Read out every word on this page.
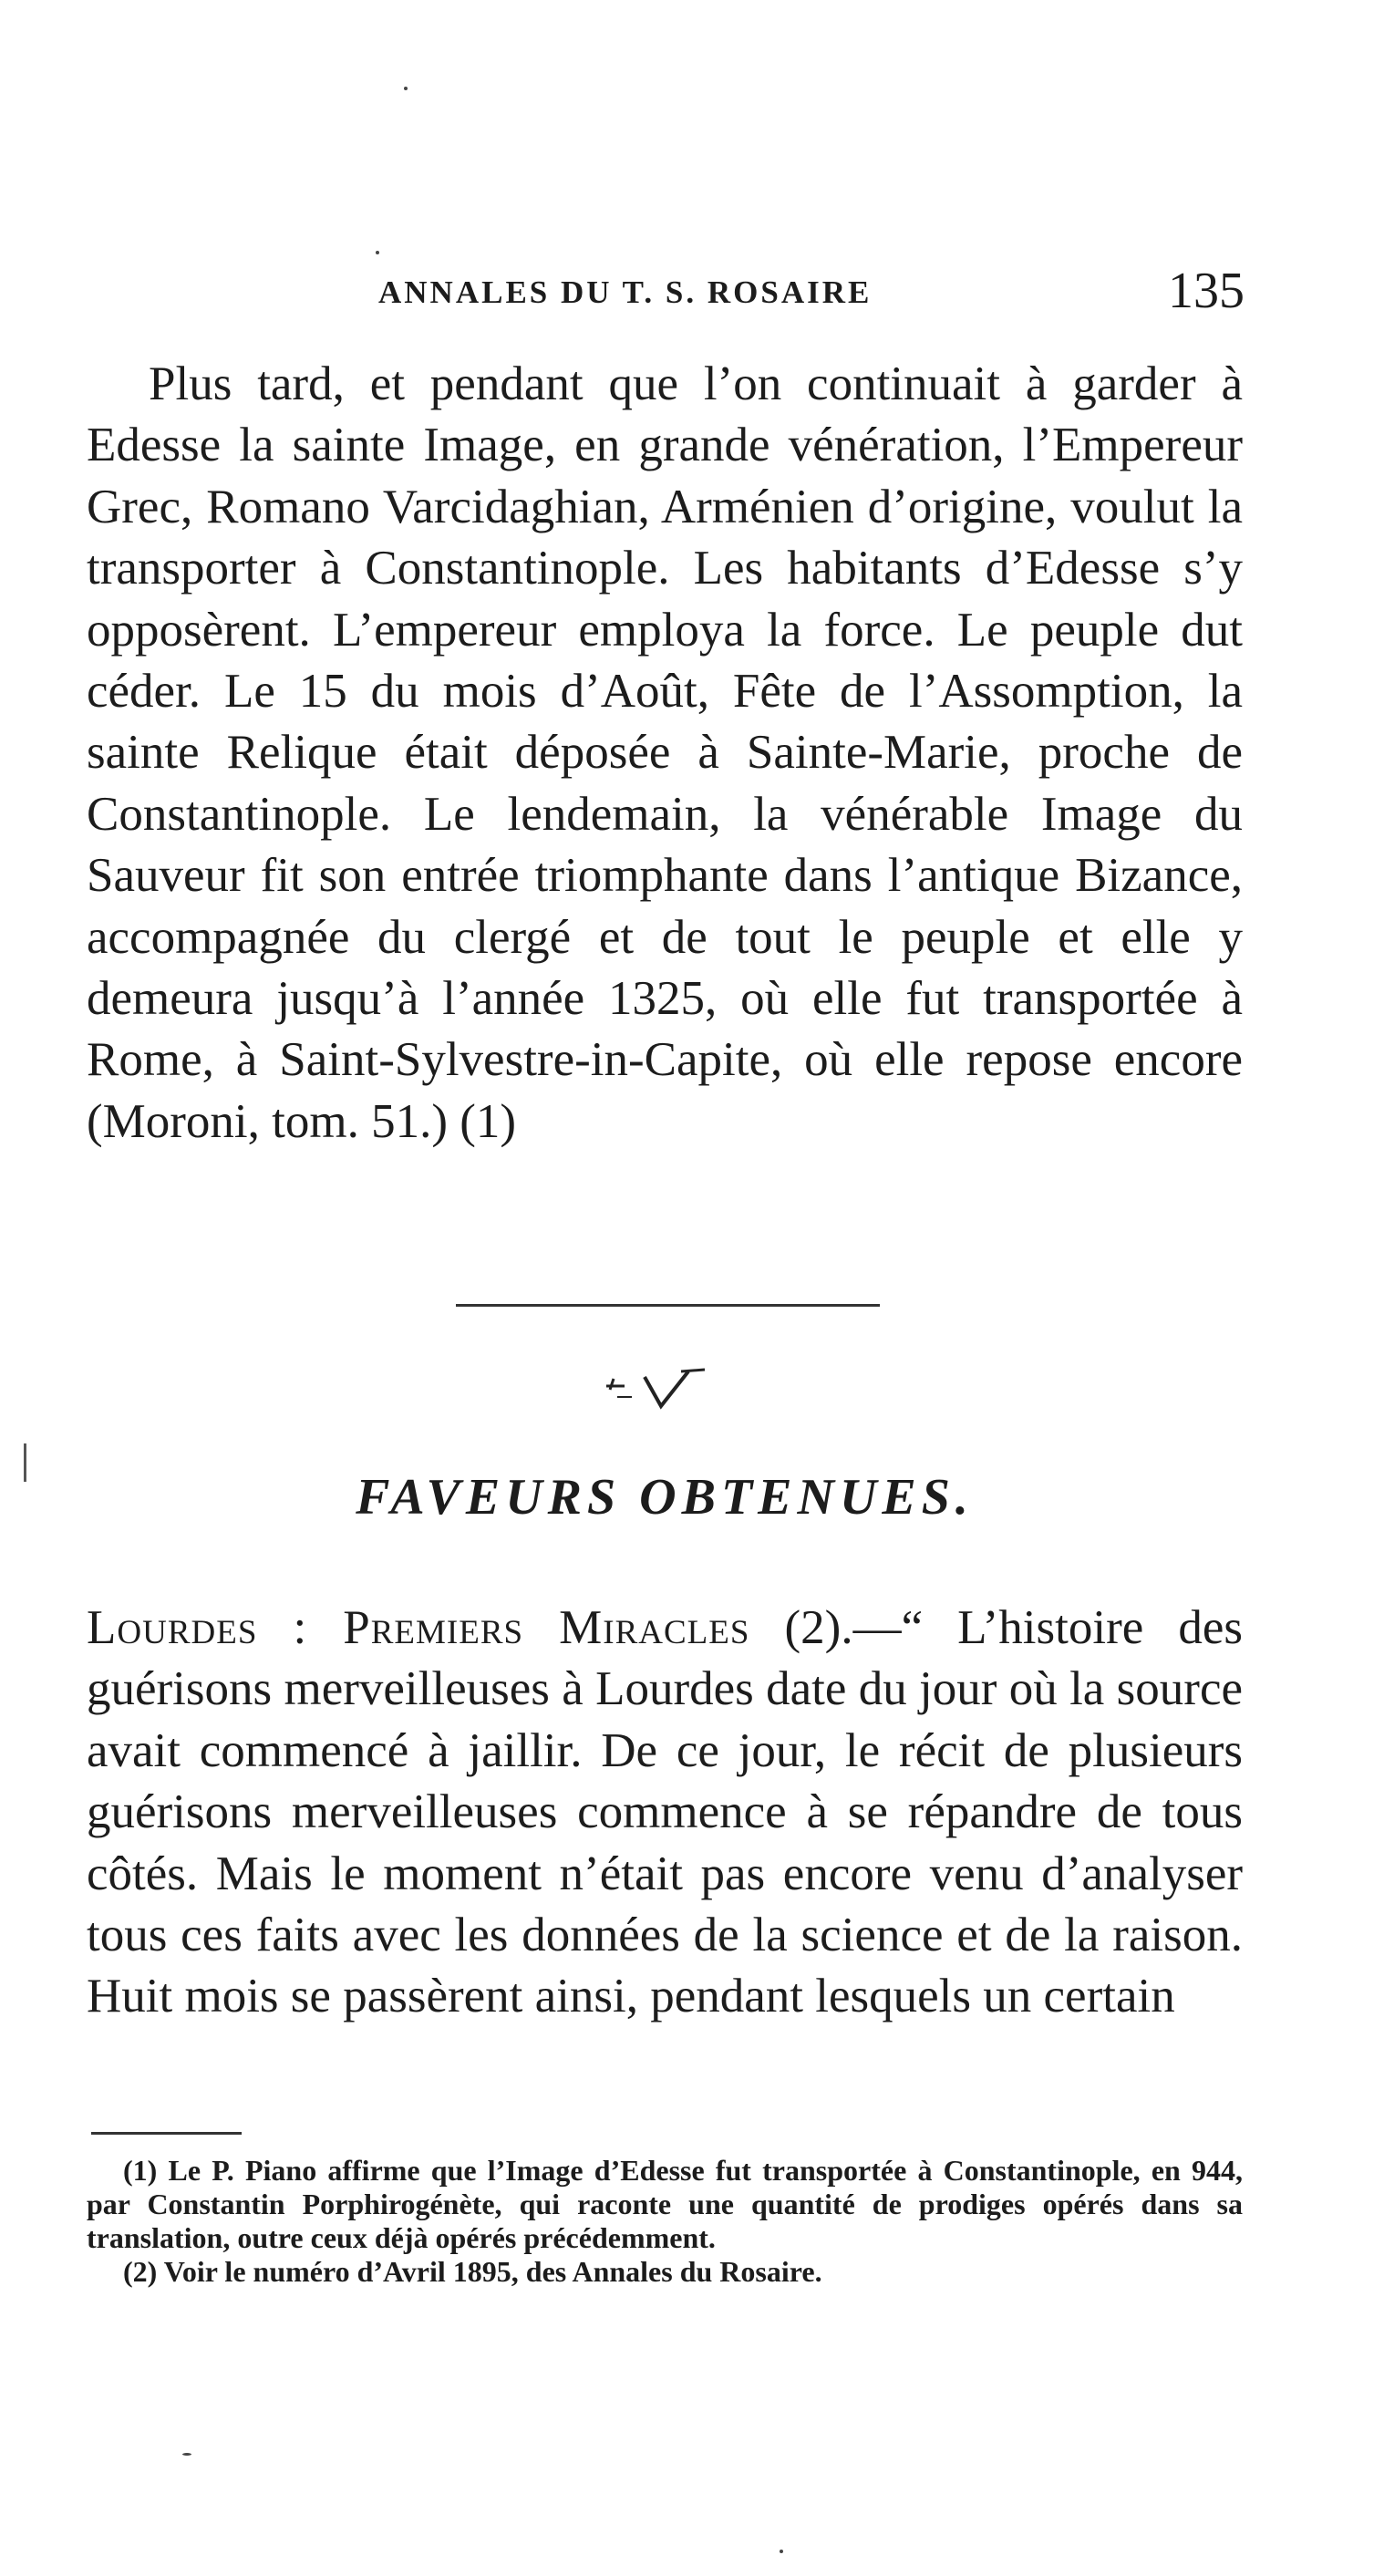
ANNALES DU T. S. ROSAIRE	135

Plus tard, et pendant que l’on continuait à garder à Edesse la sainte Image, en grande vénération, l’Empereur Grec, Romano Varcidaghian, Arménien d’origine, voulut la transporter à Constantinople. Les habitants d’Edesse s’y opposèrent. L’empereur employa la force. Le peuple dut céder. Le 15 du mois d’Août, Fête de l’Assomption, la sainte Relique était déposée à Sainte-Marie, proche de Constantinople. Le lendemain, la vénérable Image du Sauveur fit son entrée triomphante dans l’antique Bizance, accompagnée du clergé et de tout le peuple et elle y demeura jusqu’à l’année 1325, où elle fut transportée à Rome, à Saint-Sylvestre-in-Capite, où elle repose encore (Moroni, tom. 51.) (1)

FAVEURS OBTENUES.

Lourdes : Premiers Miracles (2).—“ L’histoire des guérisons merveilleuses à Lourdes date du jour où la source avait commencé à jaillir. De ce jour, le récit de plusieurs guérisons merveilleuses commence à se répandre de tous côtés. Mais le moment n’était pas encore venu d’analyser tous ces faits avec les données de la science et de la raison. Huit mois se passèrent ainsi, pendant lesquels un certain

(1) Le P. Piano affirme que l’Image d’Edesse fut transportée à Constantinople, en 944, par Constantin Porphirogénète, qui raconte une quantité de prodiges opérés dans sa translation, outre ceux déjà opérés précédemment.

(2) Voir le numéro d’Avril 1895, des Annales du Rosaire.
